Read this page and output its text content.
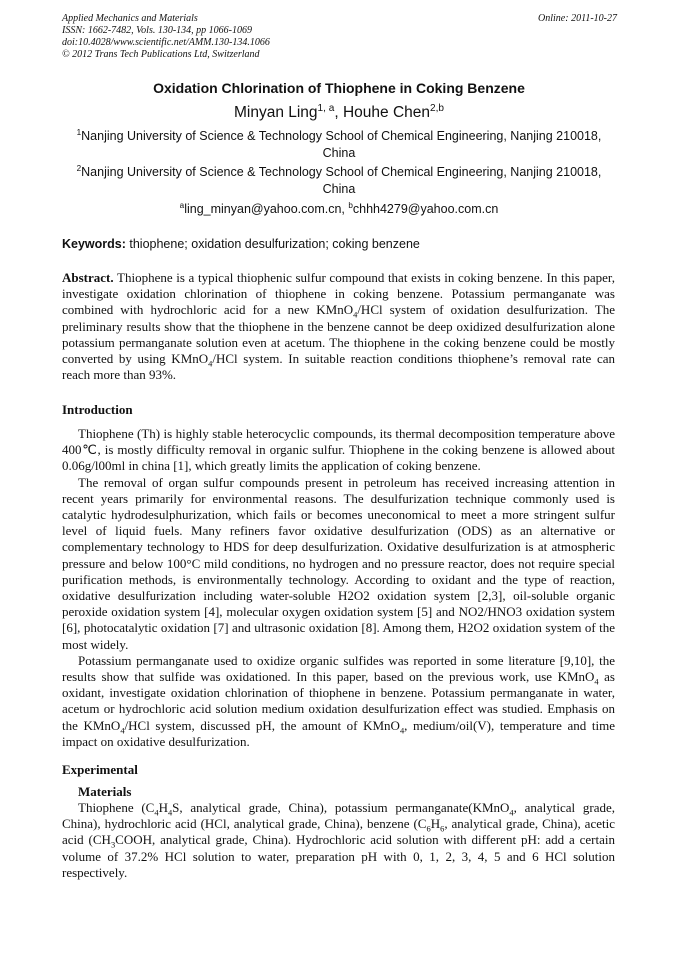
Applied Mechanics and Materials	Online: 2011-10-27
ISSN: 1662-7482, Vols. 130-134, pp 1066-1069
doi:10.4028/www.scientific.net/AMM.130-134.1066
© 2012 Trans Tech Publications Ltd, Switzerland
Oxidation Chlorination of Thiophene in Coking Benzene
Minyan Ling$^{1, a}$, Houhe Chen$^{2,b}$
$^1$Nanjing University of Science & Technology School of Chemical Engineering, Nanjing 210018, China
$^2$Nanjing University of Science & Technology School of Chemical Engineering, Nanjing 210018, China
$^a$ling_minyan@yahoo.com.cn, $^b$chhh4279@yahoo.com.cn
Keywords: thiophene; oxidation desulfurization; coking benzene
Abstract. Thiophene is a typical thiophenic sulfur compound that exists in coking benzene. In this paper, investigate oxidation chlorination of thiophene in coking benzene. Potassium permanganate was combined with hydrochloric acid for a new KMnO$_4$/HCl system of oxidation desulfurization. The preliminary results show that the thiophene in the benzene cannot be deep oxidized desulfurization alone potassium permanganate solution even at acetum. The thiophene in the coking benzene could be mostly converted by using KMnO$_4$/HCl system. In suitable reaction conditions thiophene’s removal rate can reach more than 93%.
Introduction

Thiophene (Th) is highly stable heterocyclic compounds, its thermal decomposition temperature above 400℃, is mostly difficulty removal in organic sulfur. Thiophene in the coking benzene is allowed about 0.06g/l00ml in china [1], which greatly limits the application of coking benzene.

The removal of organ sulfur compounds present in petroleum has received increasing attention in recent years primarily for environmental reasons. The desulfurization technique commonly used is catalytic hydrodesulphurization, which fails or becomes uneconomical to meet a more stringent sulfur level of liquid fuels. Many refiners favor oxidative desulfurization (ODS) as an alternative or complementary technology to HDS for deep desulfurization. Oxidative desulfurization is at atmospheric pressure and below 100°C mild conditions, no hydrogen and no pressure reactor, does not require special purification methods, is environmentally technology. According to oxidant and the type of reaction, oxidative desulfurization including water-soluble H2O2 oxidation system [2,3], oil-soluble organic peroxide oxidation system [4], molecular oxygen oxidation system [5] and NO2/HNO3 oxidation system [6], photocatalytic oxidation [7] and ultrasonic oxidation [8]. Among them, H2O2 oxidation system of the most widely.

Potassium permanganate used to oxidize organic sulfides was reported in some literature [9,10], the results show that sulfide was oxidationed. In this paper, based on the previous work, use KMnO$_4$ as oxidant, investigate oxidation chlorination of thiophene in benzene. Potassium permanganate in water, acetum or hydrochloric acid solution medium oxidation desulfurization effect was studied. Emphasis on the KMnO$_4$/HCl system, discussed pH, the amount of KMnO$_4$, medium/oil(V), temperature and time impact on oxidative desulfurization.

Experimental
Materials
Thiophene ($C_4H_4S$, analytical grade, China), potassium permanganate(KMnO$_4$, analytical grade, China), hydrochloric acid (HCl, analytical grade, China), benzene ($C_6H_6$, analytical grade, China), acetic acid ($CH_3COOH$, analytical grade, China). Hydrochloric acid solution with different pH: add a certain volume of 37.2% HCl solution to water, preparation pH with 0, 1, 2, 3, 4, 5 and 6 HCl solution respectively.
